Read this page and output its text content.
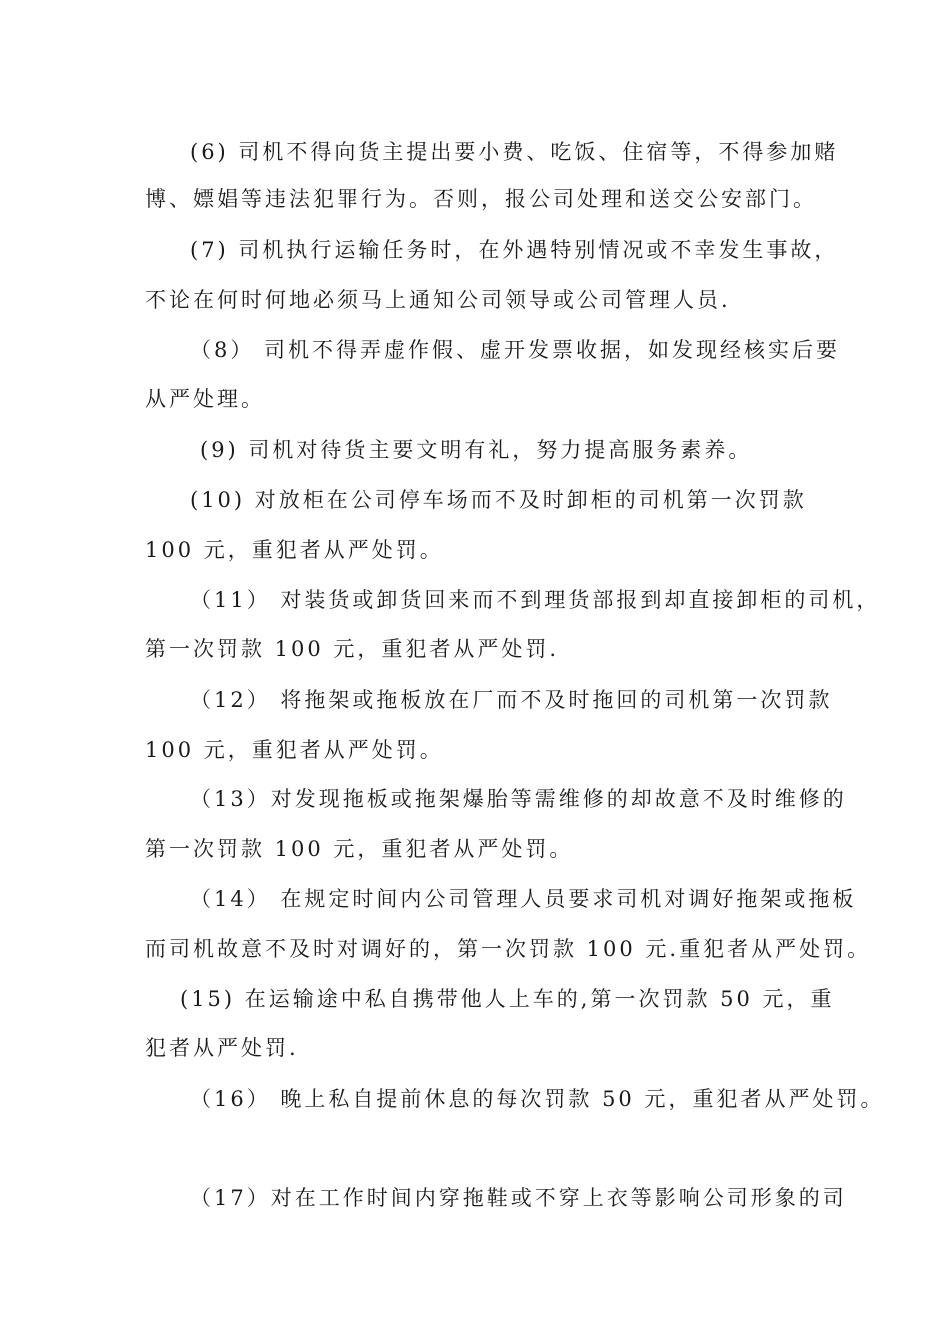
(6) 司机不得向货主提出要小费、吃饭、住宿等，不得参加赌
博、嫖娼等违法犯罪行为。否则，报公司处理和送交公安部门。
(7) 司机执行运输任务时，在外遇特别情况或不幸发生事故，
不论在何时何地必须马上通知公司领导或公司管理人员.
（8） 司机不得弄虚作假、虚开发票收据，如发现经核实后要
从严处理。
(9) 司机对待货主要文明有礼，努力提高服务素养。
(10) 对放柜在公司停车场而不及时卸柜的司机第一次罚款
100 元，重犯者从严处罚。
（11） 对装货或卸货回来而不到理货部报到却直接卸柜的司机，
第一次罚款 100 元，重犯者从严处罚.
（12） 将拖架或拖板放在厂而不及时拖回的司机第一次罚款
100 元，重犯者从严处罚。
（13）对发现拖板或拖架爆胎等需维修的却故意不及时维修的
第一次罚款 100 元，重犯者从严处罚。
（14） 在规定时间内公司管理人员要求司机对调好拖架或拖板
而司机故意不及时对调好的，第一次罚款 100 元.重犯者从严处罚。
(15) 在运输途中私自携带他人上车的,第一次罚款 50 元，重
犯者从严处罚.
（16） 晚上私自提前休息的每次罚款 50 元，重犯者从严处罚。
（17）对在工作时间内穿拖鞋或不穿上衣等影响公司形象的司
